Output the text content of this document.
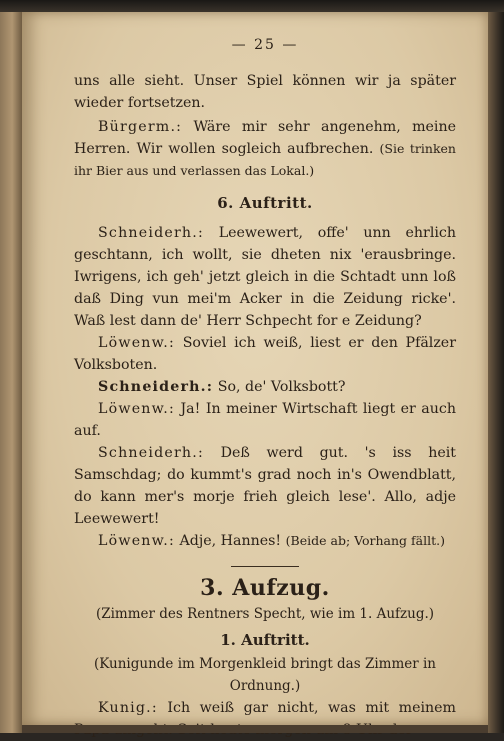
— 25 —

uns alle sieht. Unser Spiel können wir ja später wieder fortsetzen.

Bürgerm.: Wäre mir sehr angenehm, meine Herren. Wir wollen sogleich aufbrechen. (Sie trinken ihr Bier aus und verlassen das Lokal.)

6. Auftritt.

Schneiderh.: Leewewert, offe' unn ehrlich geschtann, ich wollt, sie dheten nix 'erausbringe. Iwrigens, ich geh' jetzt gleich in die Schtadt unn loß daß Ding vun mei'm Acker in die Zeidung ricke'. Waß lest dann de' Herr Schpecht for e Zeidung?

Löwenw.: Soviel ich weiß, liest er den Pfälzer Volksboten.

Schneiderh.: So, de' Volksbott?

Löwenw.: Ja! In meiner Wirtschaft liegt er auch auf.

Schneiderh.: Deß werd gut. 's iss heit Samschdag; do kummt's grad noch in's Owendblatt, do kann mer's morje frieh gleich lese'. Allo, adje Leewewert!

Löwenw.: Adje, Hannes! (Beide ab; Vorhang fällt.)

3. Aufzug.
(Zimmer des Rentners Specht, wie im 1. Aufzug.)
1. Auftritt.
(Kunigunde im Morgenkleid bringt das Zimmer in Ordnung.)

Kunig.: Ich weiß gar nicht, was mit meinem
